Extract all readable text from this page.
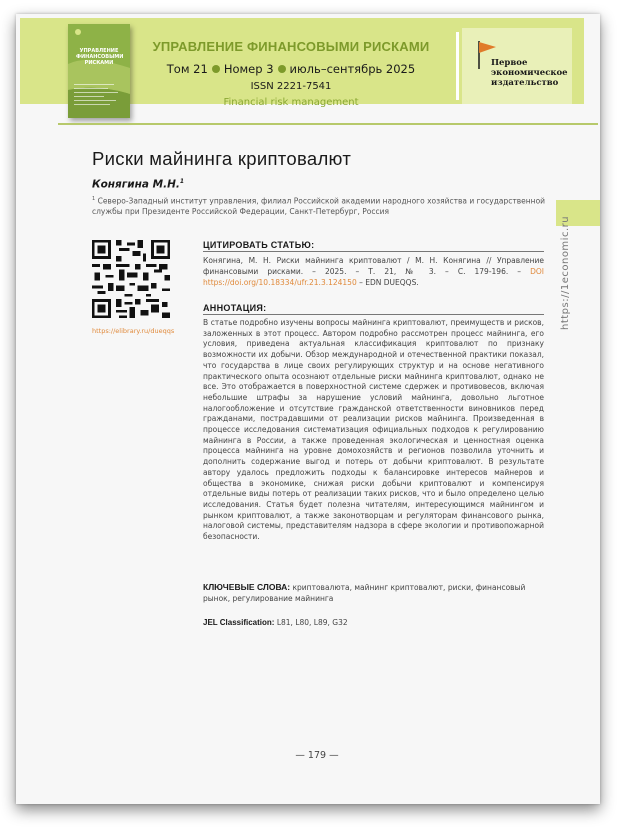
УПРАВЛЕНИЕ ФИНАНСОВЫМИ РИСКАМИ
УПРАВЛЕНИЕ ФИНАНСОВЫМИ РИСКАМИ
Том 21 Номер 3 июль–сентябрь 2025
ISSN 2221-7541
Financial risk management
Первое экономическое издательство
Риски майнинга криптовалют
Конягина М.Н.$^1$
$^1$ Северо-Западный институт управления, филиал Российской академии народного хозяйства и государственной службы при Президенте Российской Федерации, Санкт-Петербург, Россия
https://1economic.ru
https://elibrary.ru/dueqqs
ЦИТИРОВАТЬ СТАТЬЮ:
Конягина, М. Н. Риски майнинга криптовалют / М. Н. Конягина // Управление финансовыми рисками. – 2025. – Т. 21, № 3. – С. 179-196. – DOI https://doi.org/10.18334/ufr.21.3.124150 – EDN DUEQQS.
АННОТАЦИЯ:
В статье подробно изучены вопросы майнинга криптовалют, преимуществ и рисков, заложенных в этот процесс. Автором подробно рассмотрен процесс майнинга, его условия, приведена актуальная классификация криптовалют по признаку возможности их добычи. Обзор международной и отечественной практики показал, что государства в лице своих регулирующих структур и на основе негативного практического опыта осознают отдельные риски майнинга криптовалют, однако не все. Это отображается в поверхностной системе сдержек и противовесов, включая небольшие штрафы за нарушение условий майнинга, довольно льготное налогообложение и отсутствие гражданской ответственности виновников перед гражданами, пострадавшими от реализации рисков майнинга. Произведенная в процессе исследования систематизация официальных подходов к регулированию майнинга в России, а также проведенная экологическая и ценностная оценка процесса майнинга на уровне домохозяйств и регионов позволила уточнить и дополнить содержание выгод и потерь от добычи криптовалют. В результате автору удалось предложить подходы к балансировке интересов майнеров и общества в экономике, снижая риски добычи криптовалют и компенсируя отдельные виды потерь от реализации таких рисков, что и было определено целью исследования. Статья будет полезна читателям, интересующимся майнингом и рынком криптовалют, а также законотворцам и регуляторам финансового рынка, налоговой системы, представителям надзора в сфере экологии и противопожарной безопасности.
КЛЮЧЕВЫЕ СЛОВА: криптовалюта, майнинг криптовалют, риски, финансовый рынок, регулирование майнинга
JEL Classification: L81, L80, L89, G32
— 179 —
